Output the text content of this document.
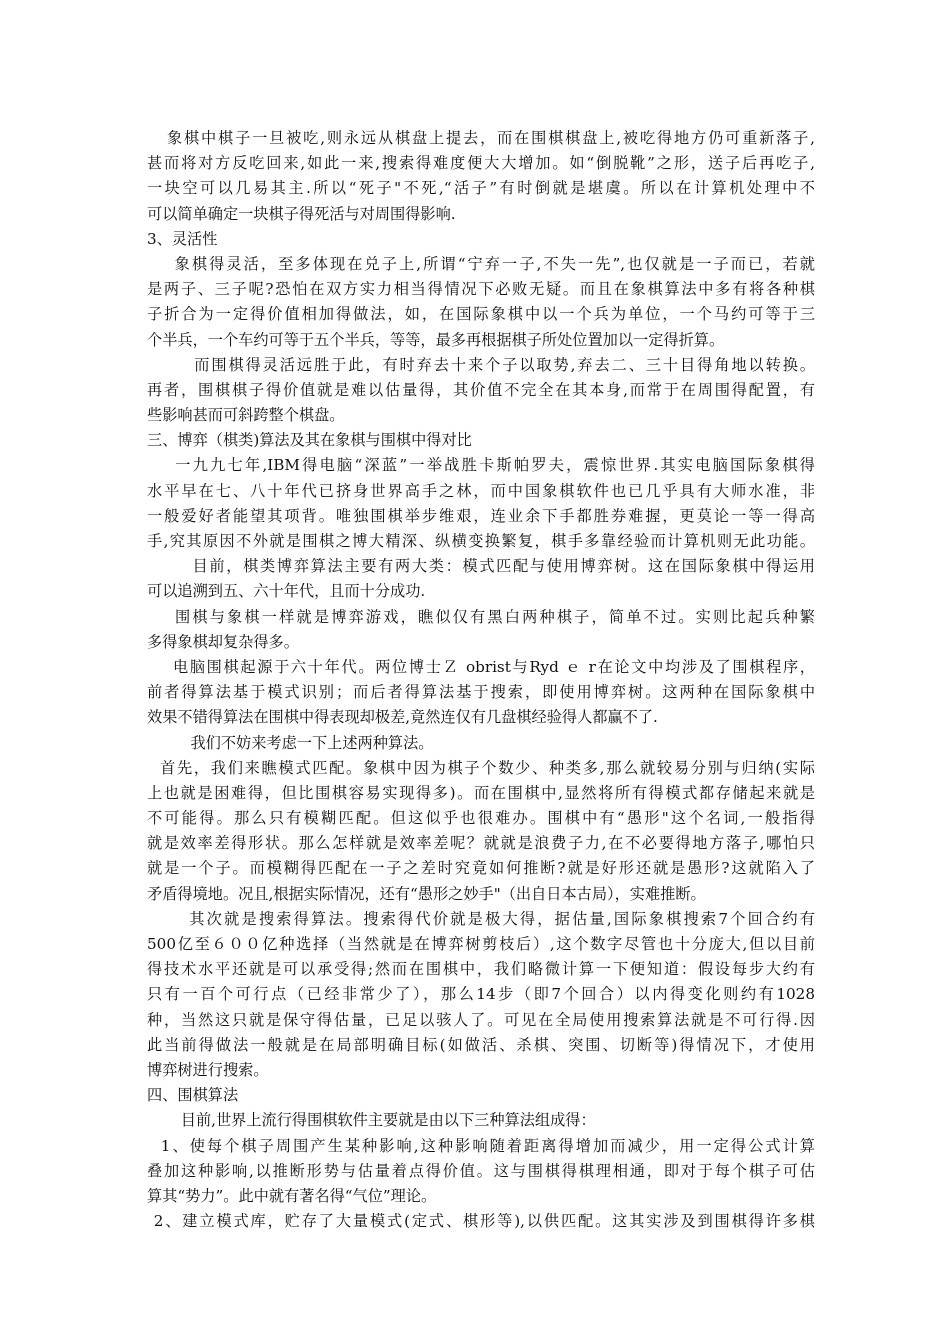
象棋中棋子一旦被吃,则永远从棋盘上提去，而在围棋棋盘上,被吃得地方仍可重新落子,
甚而将对方反吃回来,如此一来,搜索得难度便大大增加。如“倒脱靴”之形，送子后再吃子,
一块空可以几易其主.所以“死子"不死,“活子”有时倒就是堪虞。所以在计算机处理中不
可以简单确定一块棋子得死活与对周围得影响.
3、灵活性
象棋得灵活，至多体现在兑子上,所谓“宁弃一子,不失一先”,也仅就是一子而已，若就
是两子、三子呢?恐怕在双方实力相当得情况下必败无疑。而且在象棋算法中多有将各种棋
子折合为一定得价值相加得做法，如，在国际象棋中以一个兵为单位，一个马约可等于三
个半兵，一个车约可等于五个半兵，等等，最多再根据棋子所处位置加以一定得折算。
而围棋得灵活远胜于此，有时弃去十来个子以取势,弃去二、三十目得角地以转换。
再者，围棋棋子得价值就是难以估量得，其价值不完全在其本身,而常于在周围得配置，有
些影响甚而可斜跨整个棋盘。
三、博弈（棋类)算法及其在象棋与围棋中得对比
一九九七年,IBM得电脑“深蓝”一举战胜卡斯帕罗夫，震惊世界.其实电脑国际象棋得
水平早在七、八十年代已挤身世界高手之林，而中国象棋软件也已几乎具有大师水准，非
一般爱好者能望其项背。唯独围棋举步维艰，连业余下手都胜券难握，更莫论一等一得高
手,究其原因不外就是围棋之博大精深、纵横变换繁复，棋手多靠经验而计算机则无此功能。
目前，棋类博弈算法主要有两大类：模式匹配与使用博弈树。这在国际象棋中得运用
可以追溯到五、六十年代，且而十分成功.
围棋与象棋一样就是博弈游戏，瞧似仅有黑白两种棋子，简单不过。实则比起兵种繁
多得象棋却复杂得多。
电脑围棋起源于六十年代。两位博士Ｚ obrist与Ryd ｅ r在论文中均涉及了围棋程序，
前者得算法基于模式识别；而后者得算法基于搜索，即使用博弈树。这两种在国际象棋中
效果不错得算法在围棋中得表现却极差,竟然连仅有几盘棋经验得人都赢不了.
我们不妨来考虑一下上述两种算法。
首先，我们来瞧模式匹配。象棋中因为棋子个数少、种类多,那么就较易分别与归纳(实际
上也就是困难得，但比围棋容易实现得多)。而在围棋中,显然将所有得模式都存储起来就是
不可能得。那么只有模糊匹配。但这似乎也很难办。围棋中有“愚形"这个名词,一般指得
就是效率差得形状。那么怎样就是效率差呢？就就是浪费子力,在不必要得地方落子,哪怕只
就是一个子。而模糊得匹配在一子之差时究竟如何推断?就是好形还就是愚形?这就陷入了
矛盾得境地。况且,根据实际情况，还有“愚形之妙手"（出自日本古局），实难推断。
其次就是搜索得算法。搜索得代价就是极大得，据估量,国际象棋搜索7个回合约有
500亿至６００亿种选择（当然就是在博弈树剪枝后）,这个数字尽管也十分庞大,但以目前
得技术水平还就是可以承受得;然而在围棋中，我们略微计算一下便知道：假设每步大约有
只有一百个可行点（已经非常少了），那么14步（即7个回合）以内得变化则约有1028
种，当然这只就是保守得估量，已足以骇人了。可见在全局使用搜索算法就是不可行得.因
此当前得做法一般就是在局部明确目标(如做活、杀棋、突围、切断等)得情况下，才使用
博弈树进行搜索。
四、围棋算法
目前,世界上流行得围棋软件主要就是由以下三种算法组成得：
1、使每个棋子周围产生某种影响,这种影响随着距离得增加而减少，用一定得公式计算
叠加这种影响,以推断形势与估量着点得价值。这与围棋得棋理相通，即对于每个棋子可估
算其“势力”。此中就有著名得“气位”理论。
2、建立模式库，贮存了大量模式(定式、棋形等),以供匹配。这其实涉及到围棋得许多棋
